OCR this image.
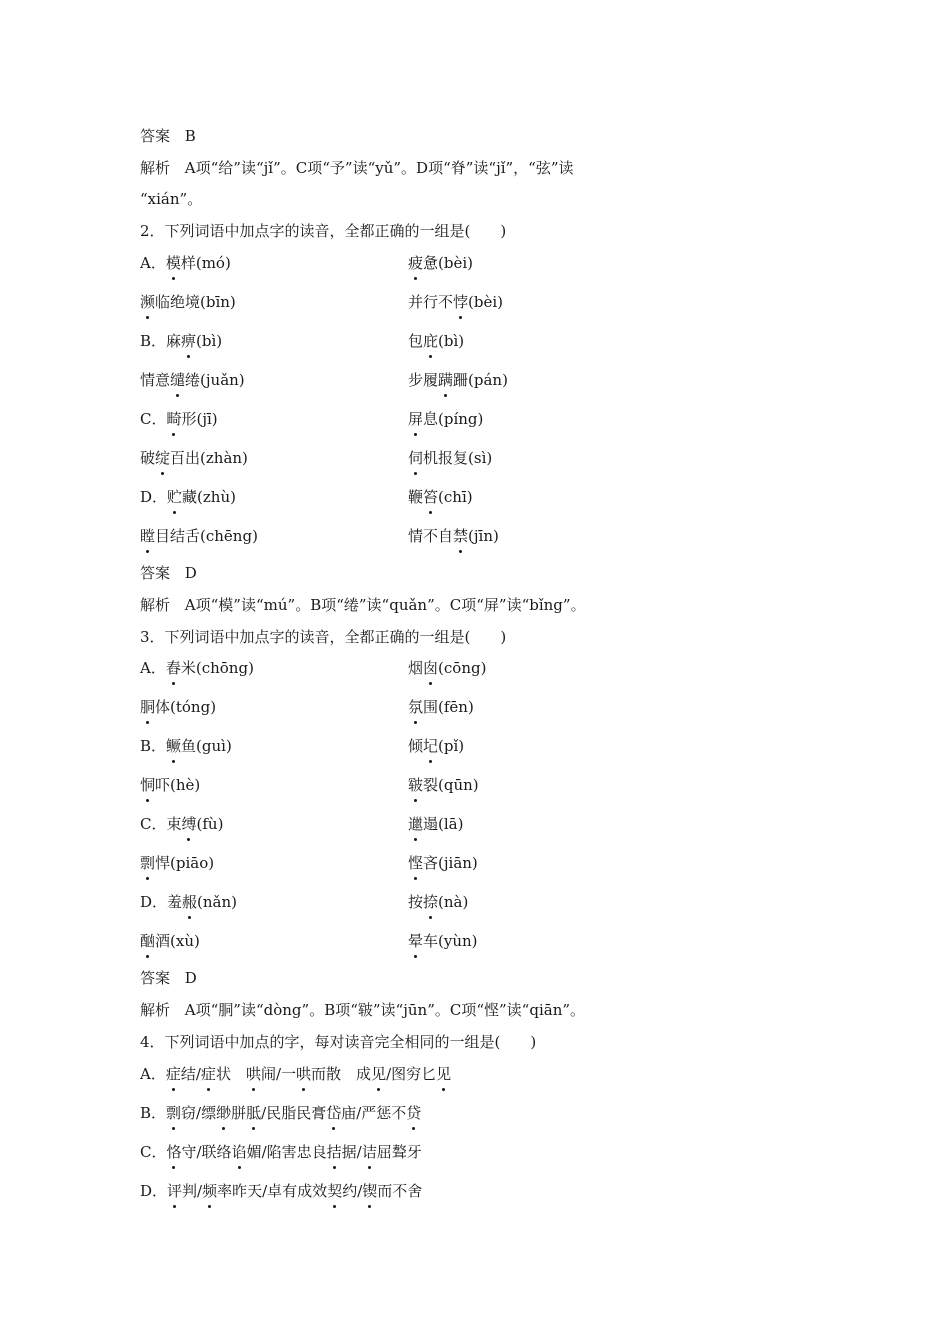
答案 B
解析 A项“给”读“jǐ”。C项“予”读“yǔ”。D项“脊”读“jǐ”，“弦”读
“xián”。
2．下列词语中加点字的读音，全都正确的一组是(　　)
A．模样(mó)	疲惫(bèi)
濒临绝境(bīn)	并行不悖(bèi)
B．麻痹(bì)	包庇(bì)
情意缱绻(juǎn)	步履蹒跚(pán)
C．畸形(jī)	屏息(píng)
破绽百出(zhàn)	伺机报复(sì)
D．贮藏(zhù)	鞭笞(chī)
瞠目结舌(chēng)	情不自禁(jīn)
答案 D
解析 A项“模”读“mú”。B项“绻”读“quǎn”。C项“屏”读“bǐng”。
3．下列词语中加点字的读音，全都正确的一组是(　　)
A．舂米(chōng)	烟囱(cōng)
胴体(tóng)	氛围(fēn)
B．鳜鱼(guì)	倾圮(pǐ)
恫吓(hè)	皲裂(qūn)
C．束缚(fù)	邋遢(lā)
剽悍(piāo)	悭吝(jiān)
D．羞赧(nǎn)	按捺(nà)
酗酒(xù)	晕车(yùn)
答案 D
解析 A项“胴”读“dòng”。B项“皲”读“jūn”。C项“悭”读“qiān”。
4．下列词语中加点的字，每对读音完全相同的一组是(　　)
A．症结/症状　哄闹/一哄而散　成见/图穷匕见
B．剽窃/缥缈胼胝/民脂民膏岱庙/严惩不贷
C．恪守/联络谄媚/陷害忠良拮据/诘屈聱牙
D．评判/频率昨天/卓有成效契约/锲而不舍
